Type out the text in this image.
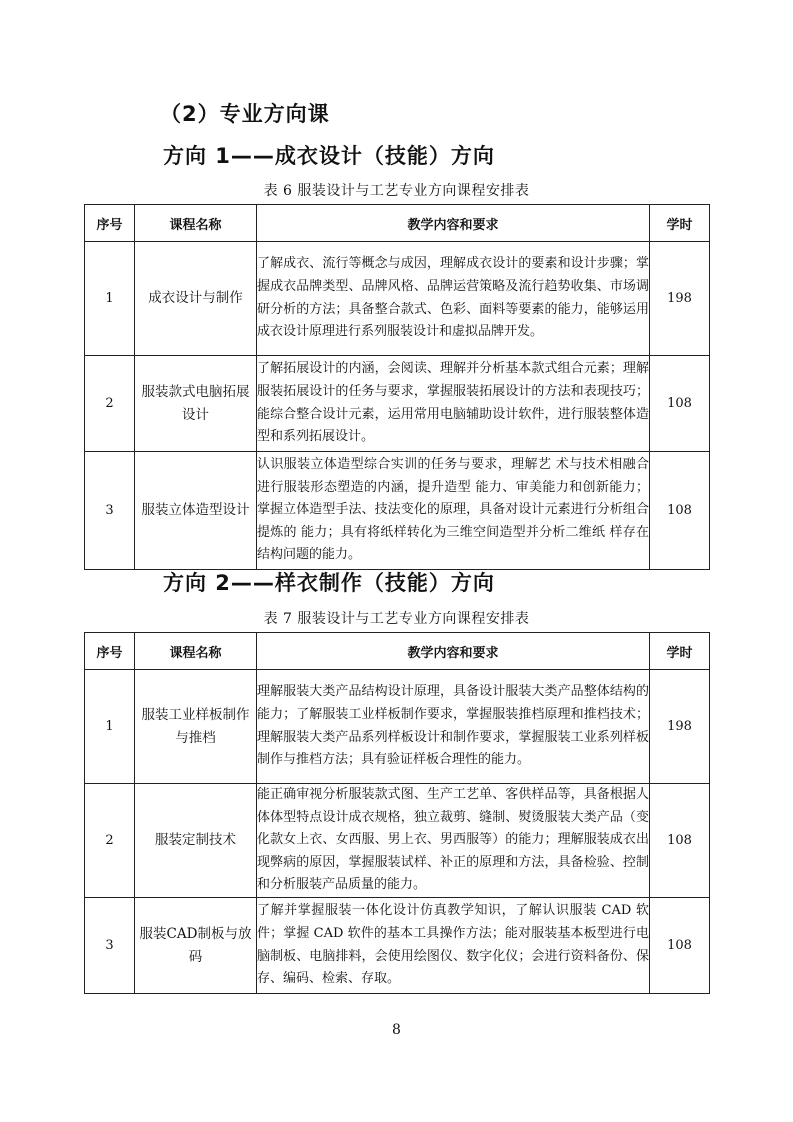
（2）专业方向课
方向 1——成衣设计（技能）方向
表 6 服装设计与工艺专业方向课程安排表
序号	课程名称	教学内容和要求	学时
1	成衣设计与制作	了解成衣、流行等概念与成因，理解成衣设计的要素和设计步骤；掌握成衣品牌类型、品牌风格、品牌运营策略及流行趋势收集、市场调研分析的方法；具备整合款式、色彩、面料等要素的能力，能够运用成衣设计原理进行系列服装设计和虚拟品牌开发。	198
2	服装款式电脑拓展设计	了解拓展设计的内涵，会阅读、理解并分析基本款式组合元素；理解服装拓展设计的任务与要求，掌握服装拓展设计的方法和表现技巧；能综合整合设计元素，运用常用电脑辅助设计软件，进行服装整体造型和系列拓展设计。	108
3	服装立体造型设计	认识服装立体造型综合实训的任务与要求，理解艺 术与技术相融合进行服装形态塑造的内涵，提升造型 能力、审美能力和创新能力；掌握立体造型手法、技法变化的原理，具备对设计元素进行分析组合提炼的 能力；具有将纸样转化为三维空间造型并分析二维纸 样存在结构问题的能力。	108
方向 2——样衣制作（技能）方向
表 7 服装设计与工艺专业方向课程安排表
序号	课程名称	教学内容和要求	学时
1	服装工业样板制作与推档	理解服装大类产品结构设计原理，具备设计服装大类产品整体结构的能力；了解服装工业样板制作要求，掌握服装推档原理和推档技术；理解服装大类产品系列样板设计和制作要求，掌握服装工业系列样板制作与推档方法；具有验证样板合理性的能力。	198
2	服装定制技术	能正确审视分析服装款式图、生产工艺单、客供样品等，具备根据人体体型特点设计成衣规格，独立裁剪、缝制、熨烫服装大类产品（变化款女上衣、女西服、男上衣、男西服等）的能力；理解服装成衣出现弊病的原因，掌握服装试样、补正的原理和方法，具备检验、控制和分析服装产品质量的能力。	108
3	服装CAD制板与放码	了解并掌握服装一体化设计仿真教学知识，了解认识服装 CAD 软件；掌握 CAD 软件的基本工具操作方法；能对服装基本板型进行电脑制板、电脑排料，会使用绘图仪、数字化仪；会进行资料备份、保存、编码、检索、存取。	108
8
